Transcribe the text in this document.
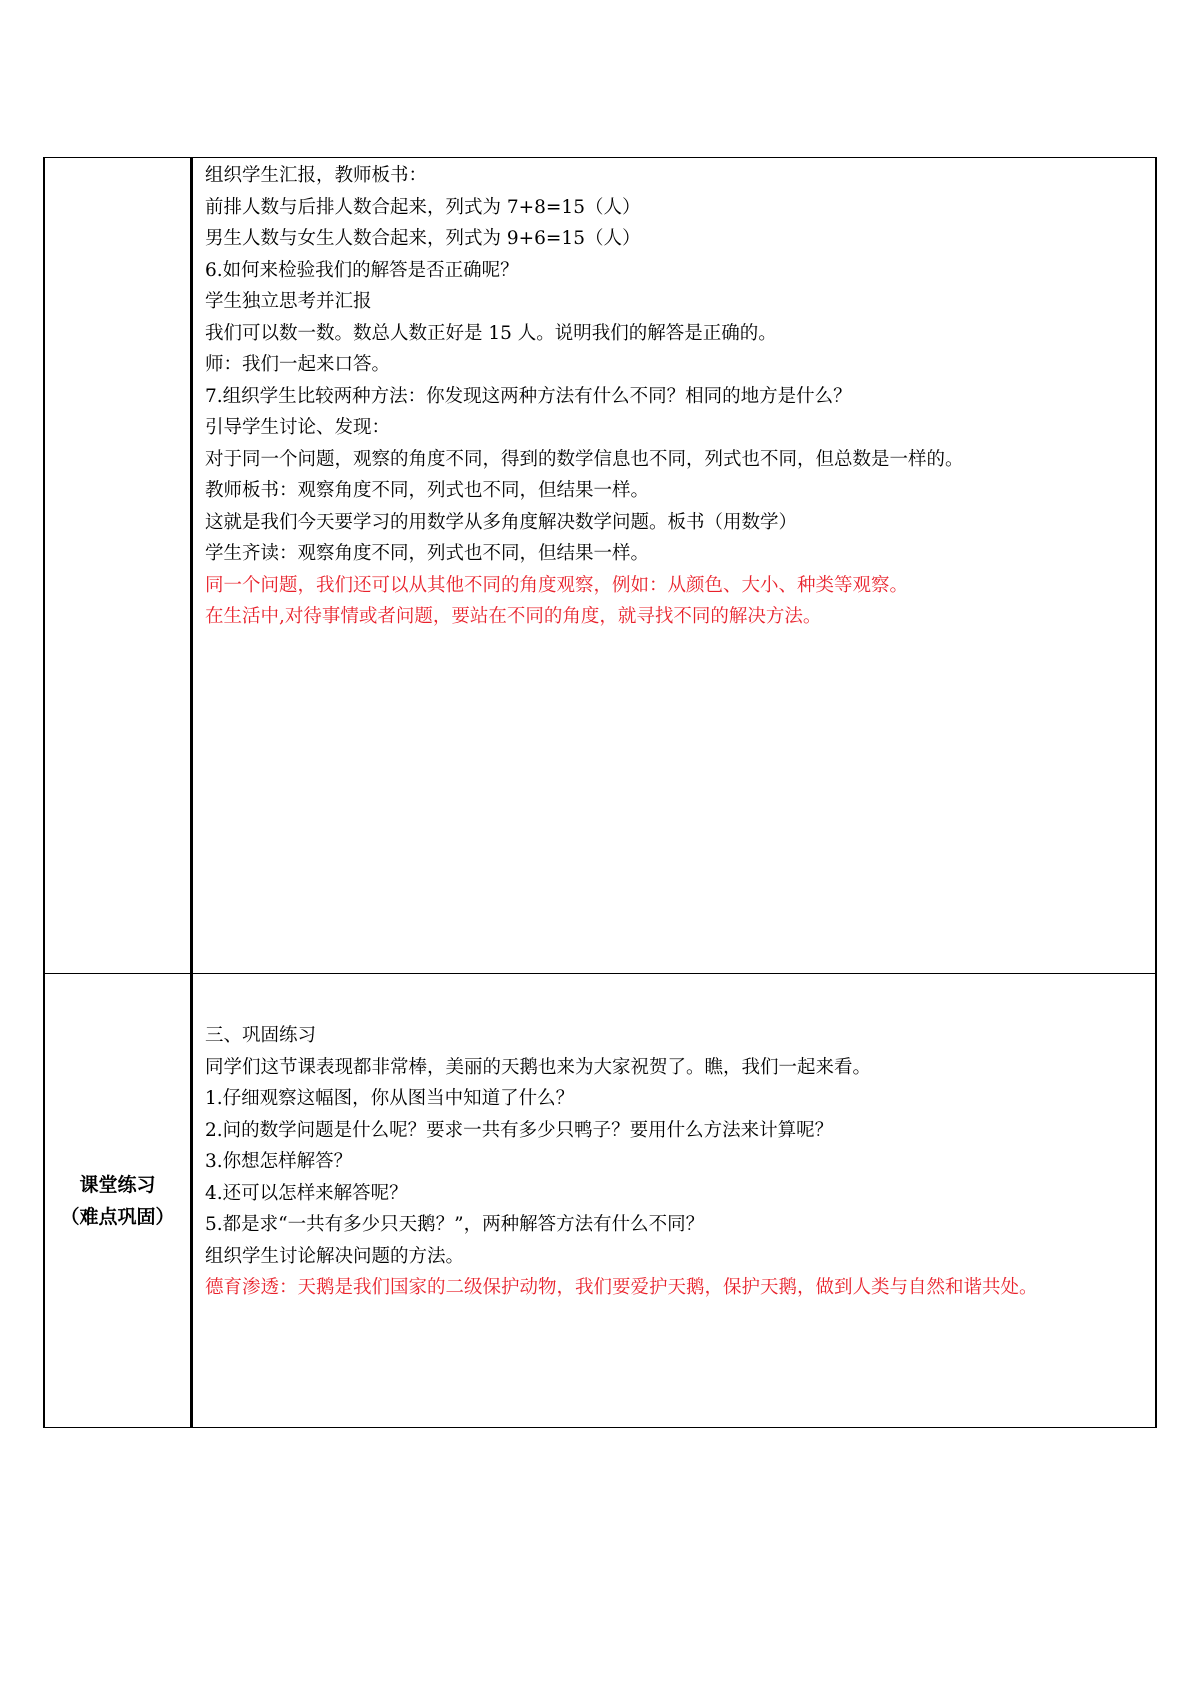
组织学生汇报，教师板书：
前排人数与后排人数合起来，列式为 7+8=15（人）
男生人数与女生人数合起来，列式为 9+6=15（人）
6.如何来检验我们的解答是否正确呢？
学生独立思考并汇报
我们可以数一数。数总人数正好是 15 人。说明我们的解答是正确的。
师：我们一起来口答。
7.组织学生比较两种方法：你发现这两种方法有什么不同？相同的地方是什么？
引导学生讨论、发现：
对于同一个问题，观察的角度不同，得到的数学信息也不同，列式也不同，但总数是一样的。
教师板书：观察角度不同，列式也不同，但结果一样。
这就是我们今天要学习的用数学从多角度解决数学问题。板书（用数学）
学生齐读：观察角度不同，列式也不同，但结果一样。
同一个问题，我们还可以从其他不同的角度观察，例如：从颜色、大小、种类等观察。
在生活中,对待事情或者问题，要站在不同的角度，就寻找不同的解决方法。
课堂练习
（难点巩固）
三、巩固练习
同学们这节课表现都非常棒，美丽的天鹅也来为大家祝贺了。瞧，我们一起来看。
1.仔细观察这幅图，你从图当中知道了什么？
2.问的数学问题是什么呢？要求一共有多少只鸭子？要用什么方法来计算呢？
3.你想怎样解答？
4.还可以怎样来解答呢？
5.都是求“一共有多少只天鹅？”，两种解答方法有什么不同？
组织学生讨论解决问题的方法。
德育渗透：天鹅是我们国家的二级保护动物，我们要爱护天鹅，保护天鹅，做到人类与自然和谐共处。
